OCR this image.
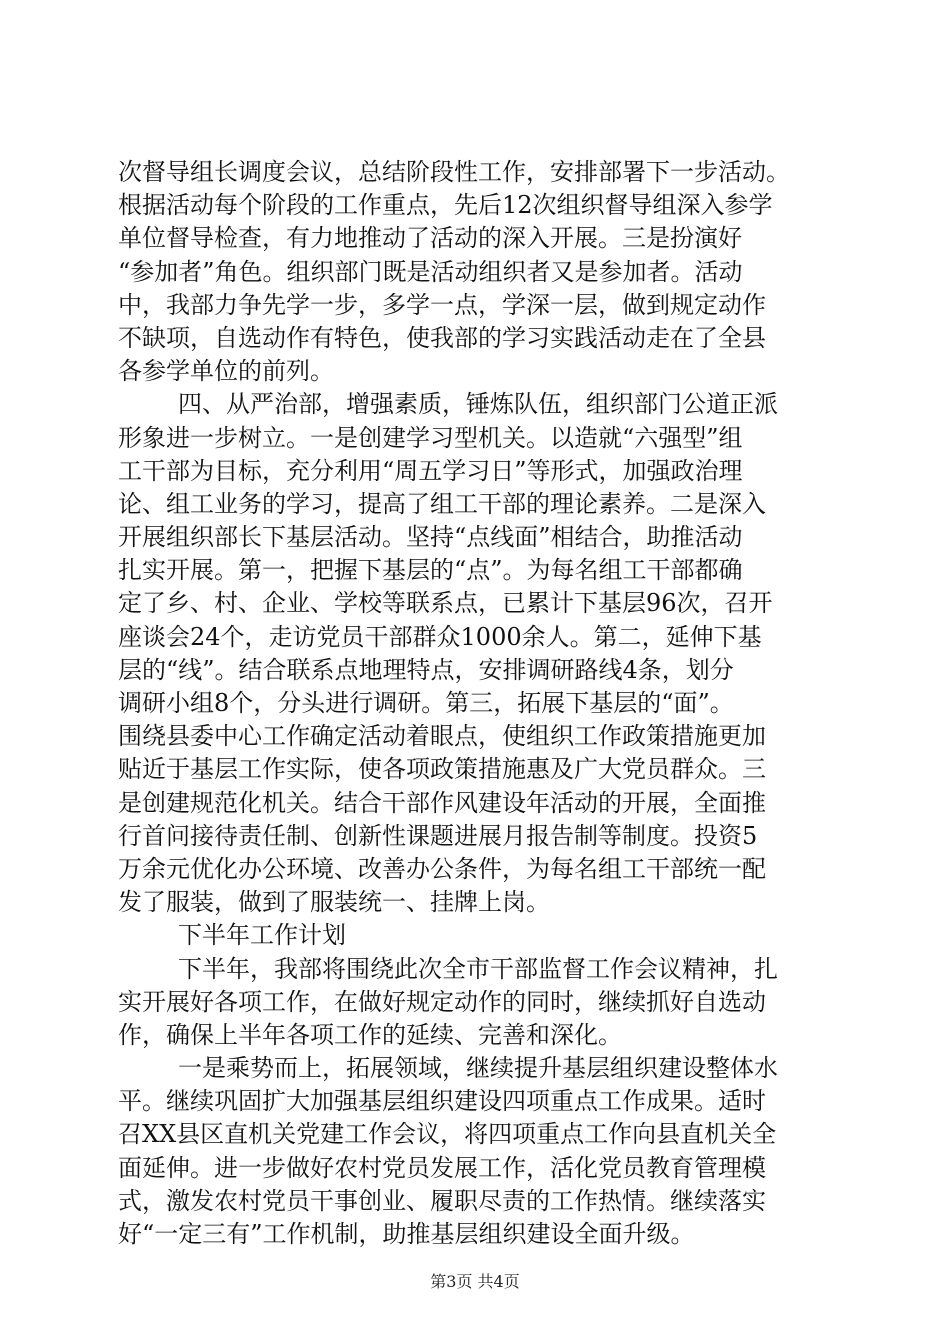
次督导组长调度会议，总结阶段性工作，安排部署下一步活动。
根据活动每个阶段的工作重点，先后12次组织督导组深入参学
单位督导检查，有力地推动了活动的深入开展。三是扮演好
“参加者”角色。组织部门既是活动组织者又是参加者。活动
中，我部力争先学一步，多学一点，学深一层，做到规定动作
不缺项，自选动作有特色，使我部的学习实践活动走在了全县
各参学单位的前列。
四、从严治部，增强素质，锤炼队伍，组织部门公道正派
形象进一步树立。一是创建学习型机关。以造就“六强型”组
工干部为目标，充分利用“周五学习日”等形式，加强政治理
论、组工业务的学习，提高了组工干部的理论素养。二是深入
开展组织部长下基层活动。坚持“点线面”相结合，助推活动
扎实开展。第一，把握下基层的“点”。为每名组工干部都确
定了乡、村、企业、学校等联系点，已累计下基层96次，召开
座谈会24个，走访党员干部群众1000余人。第二，延伸下基
层的“线”。结合联系点地理特点，安排调研路线4条，划分
调研小组8个，分头进行调研。第三，拓展下基层的“面”。
围绕县委中心工作确定活动着眼点，使组织工作政策措施更加
贴近于基层工作实际，使各项政策措施惠及广大党员群众。三
是创建规范化机关。结合干部作风建设年活动的开展，全面推
行首问接待责任制、创新性课题进展月报告制等制度。投资5
万余元优化办公环境、改善办公条件，为每名组工干部统一配
发了服装，做到了服装统一、挂牌上岗。
下半年工作计划
下半年，我部将围绕此次全市干部监督工作会议精神，扎
实开展好各项工作，在做好规定动作的同时，继续抓好自选动
作，确保上半年各项工作的延续、完善和深化。
一是乘势而上，拓展领域，继续提升基层组织建设整体水
平。继续巩固扩大加强基层组织建设四项重点工作成果。适时
召XX县区直机关党建工作会议，将四项重点工作向县直机关全
面延伸。进一步做好农村党员发展工作，活化党员教育管理模
式，激发农村党员干事创业、履职尽责的工作热情。继续落实
好“一定三有”工作机制，助推基层组织建设全面升级。
第3页 共4页
